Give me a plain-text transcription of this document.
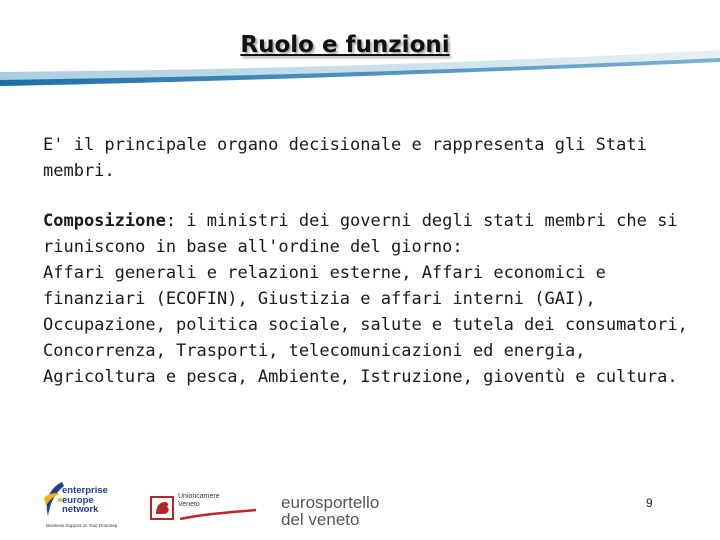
Ruolo e funzioni

E' il principale organo decisionale e rappresenta gli Stati membri.

Composizione: i ministri dei governi degli stati membri che si riuniscono in base all'ordine del giorno:

Affari generali e relazioni esterne, Affari economici e finanziari (ECOFIN), Giustizia e affari interni (GAI), Occupazione, politica sociale, salute e tutela dei consumatori, Concorrenza, Trasporti, telecomunicazioni ed energia, Agricoltura e pesca, Ambiente, Istruzione, gioventù e cultura.

enterprise
europe
network
Business Support on Your Doorstep
Unioncamere
Veneto	eurosportello
del veneto
9
